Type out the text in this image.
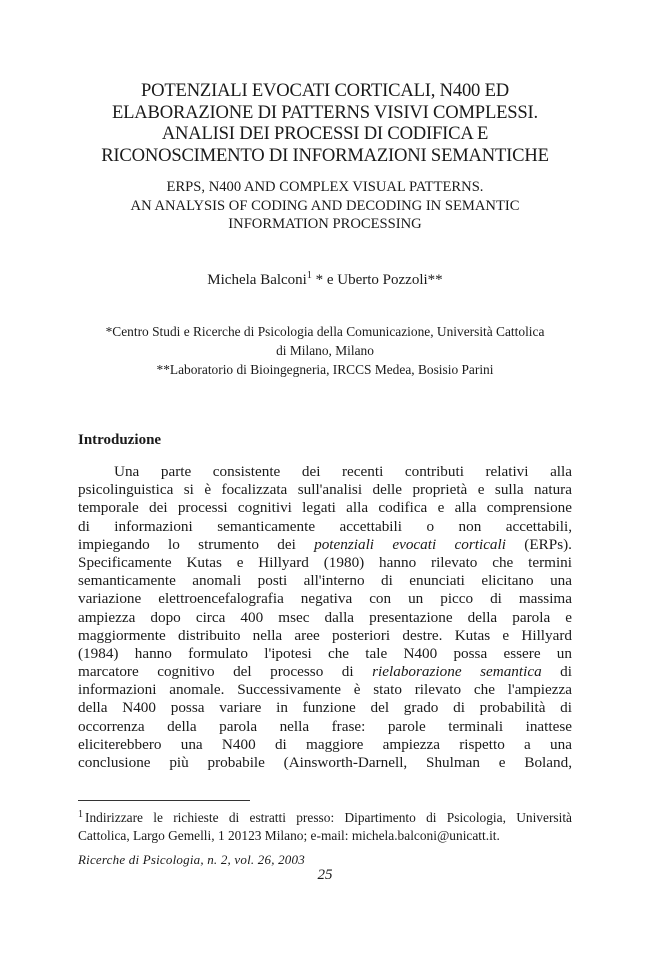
POTENZIALI EVOCATI CORTICALI, N400 ED
ELABORAZIONE DI PATTERNS VISIVI COMPLESSI.
ANALISI DEI PROCESSI DI CODIFICA E
RICONOSCIMENTO DI INFORMAZIONI SEMANTICHE
ERPS, N400 AND COMPLEX VISUAL PATTERNS.
AN ANALYSIS OF CODING AND DECODING IN SEMANTIC
INFORMATION PROCESSING
Michela Balconi$^1$ * e Uberto Pozzoli**
*Centro Studi e Ricerche di Psicologia della Comunicazione, Università Cattolica
di Milano, Milano
**Laboratorio di Bioingegneria, IRCCS Medea, Bosisio Parini
Introduzione
Una parte consistente dei recenti contributi relativi alla
psicolinguistica si è focalizzata sull'analisi delle proprietà e sulla natura
temporale dei processi cognitivi legati alla codifica e alla comprensione
di informazioni semanticamente accettabili o non accettabili,
impiegando lo strumento dei potenziali evocati corticali (ERPs).
Specificamente Kutas e Hillyard (1980) hanno rilevato che termini
semanticamente anomali posti all'interno di enunciati elicitano una
variazione elettroencefalografia negativa con un picco di massima
ampiezza dopo circa 400 msec dalla presentazione della parola e
maggiormente distribuito nella aree posteriori destre. Kutas e Hillyard
(1984) hanno formulato l'ipotesi che tale N400 possa essere un
marcatore cognitivo del processo di rielaborazione semantica di
informazioni anomale. Successivamente è stato rilevato che l'ampiezza
della N400 possa variare in funzione del grado di probabilità di
occorrenza della parola nella frase: parole terminali inattese
eliciterebbero una N400 di maggiore ampiezza rispetto a una
conclusione più probabile (Ainsworth-Darnell, Shulman e Boland,
$^1$ Indirizzare le richieste di estratti presso: Dipartimento di Psicologia, Università
Cattolica, Largo Gemelli, 1 20123 Milano; e-mail: michela.balconi@unicatt.it.
Ricerche di Psicologia, n. 2, vol. 26, 2003
25
